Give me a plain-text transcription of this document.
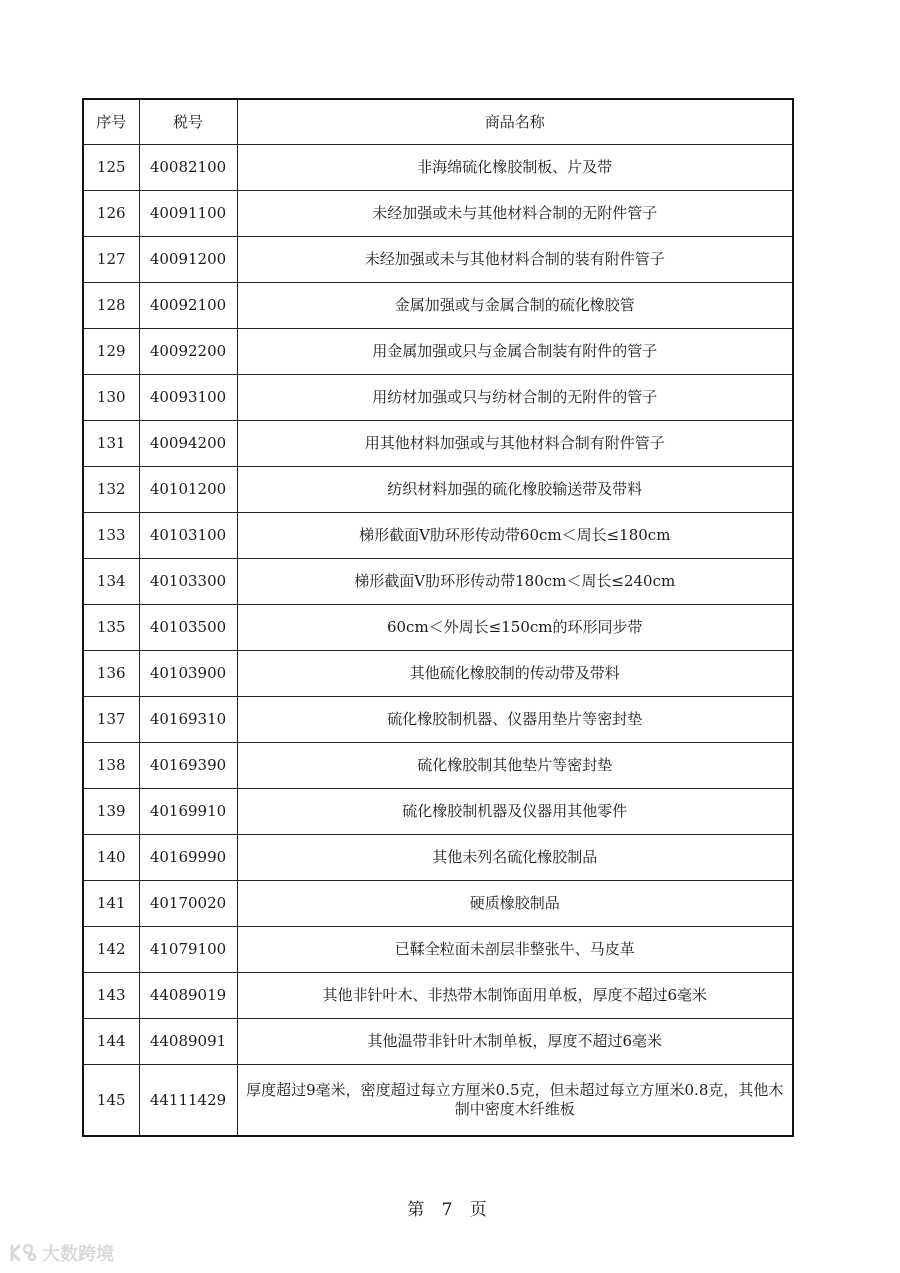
序号	税号	商品名称
125	40082100	非海绵硫化橡胶制板、片及带
126	40091100	未经加强或未与其他材料合制的无附件管子
127	40091200	未经加强或未与其他材料合制的装有附件管子
128	40092100	金属加强或与金属合制的硫化橡胶管
129	40092200	用金属加强或只与金属合制装有附件的管子
130	40093100	用纺材加强或只与纺材合制的无附件的管子
131	40094200	用其他材料加强或与其他材料合制有附件管子
132	40101200	纺织材料加强的硫化橡胶输送带及带料
133	40103100	梯形截面V肋环形传动带60cm＜周长≤180cm
134	40103300	梯形截面V肋环形传动带180cm＜周长≤240cm
135	40103500	60cm＜外周长≤150cm的环形同步带
136	40103900	其他硫化橡胶制的传动带及带料
137	40169310	硫化橡胶制机器、仪器用垫片等密封垫
138	40169390	硫化橡胶制其他垫片等密封垫
139	40169910	硫化橡胶制机器及仪器用其他零件
140	40169990	其他未列名硫化橡胶制品
141	40170020	硬质橡胶制品
142	41079100	已鞣全粒面未剖层非整张牛、马皮革
143	44089019	其他非针叶木、非热带木制饰面用单板，厚度不超过6毫米
144	44089091	其他温带非针叶木制单板，厚度不超过6毫米
145	44111429	厚度超过9毫米，密度超过每立方厘米0.5克，但未超过每立方厘米0.8克，其他木制中密度木纤维板
第 7 页
大数跨境
